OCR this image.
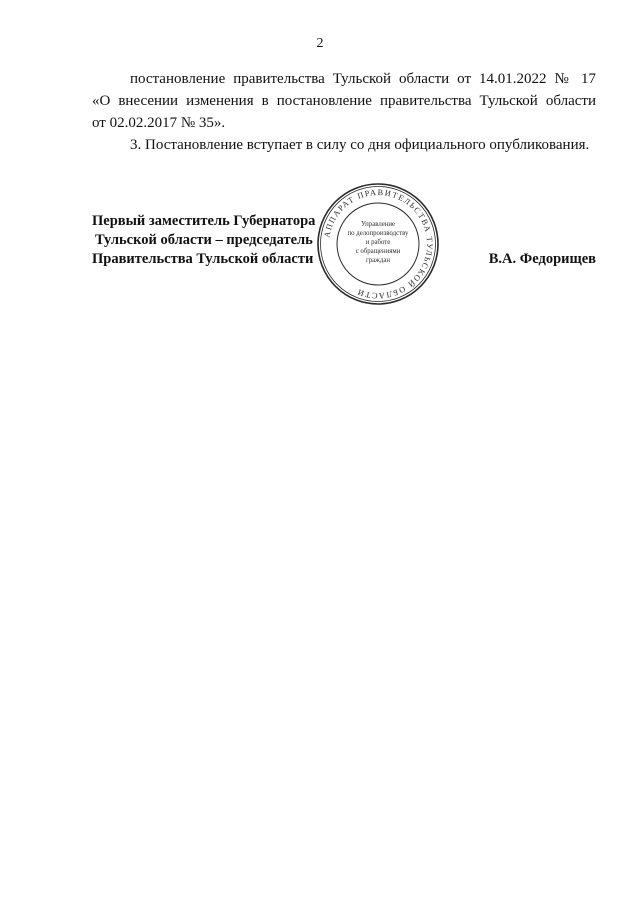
2

постановление правительства Тульской области от 14.01.2022 № 17
«О внесении изменения в постановление правительства Тульской области
от 02.02.2017 № 35».

3. Постановление вступает в силу со дня официального опубликования.

Первый заместитель Губернатора
Тульской области – председатель
Правительства Тульской области	В.А. Федорищев
АППАРАТ ПРАВИТЕЛЬСТВА ТУЛЬСКОЙ ОБЛАСТИ
Управление
по делопроизводству
и работе
с обращениями
граждан
